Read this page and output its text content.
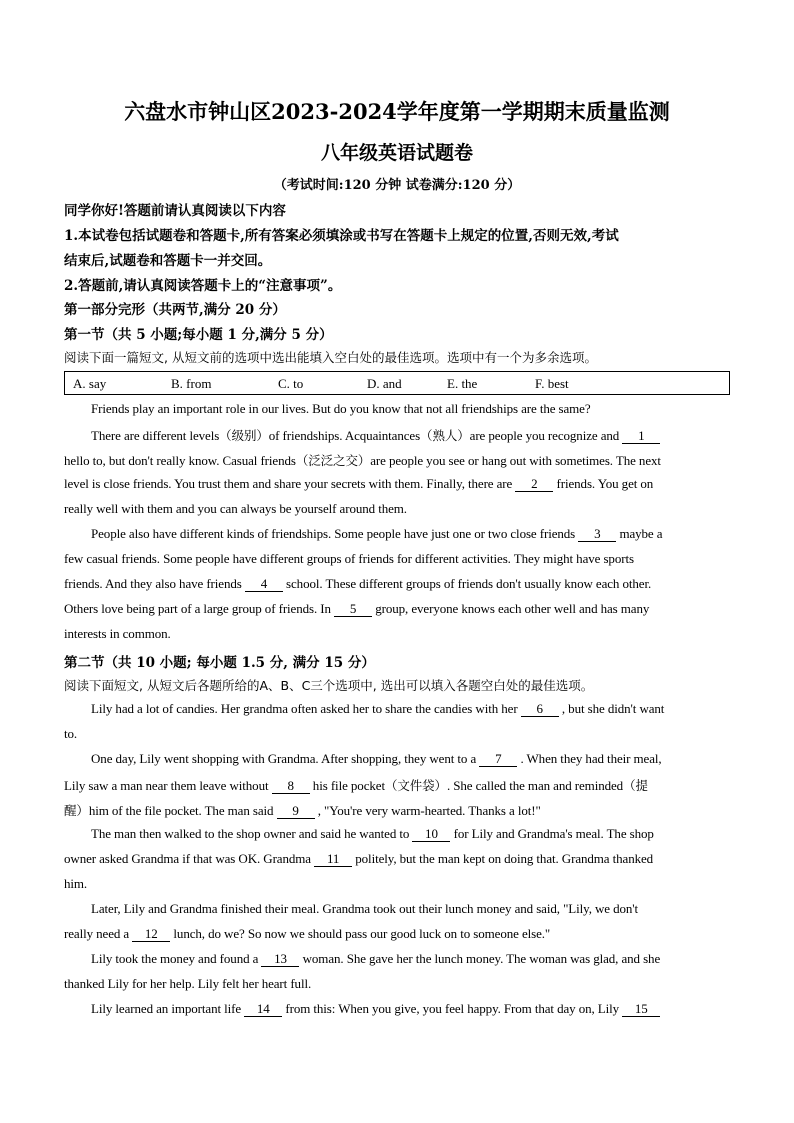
六盘水市钟山区2023-2024学年度第一学期期末质量监测
八年级英语试题卷
（考试时间:120 分钟 试卷满分:120 分）
同学你好!答题前请认真阅读以下内容
1.本试卷包括试题卷和答题卡,所有答案必须填涂或书写在答题卡上规定的位置,否则无效,考试
结束后,试题卷和答题卡一并交回。
2.答题前,请认真阅读答题卡上的“注意事项”。
第一部分完形（共两节,满分 20 分）
第一节（共 5 小题;每小题 1 分,满分 5 分）
阅读下面一篇短文, 从短文前的选项中选出能填入空白处的最佳选项。选项中有一个为多余选项。
A. say	B. from	C. to	D. and	E. the	F. best
Friends play an important role in our lives. But do you know that not all friendships are the same?
There are different levels（级别）of friendships. Acquaintances（熟人）are people you recognize and 1
hello to, but don't really know. Casual friends（泛泛之交）are people you see or hang out with sometimes. The next
level is close friends. You trust them and share your secrets with them. Finally, there are 2 friends. You get on
really well with them and you can always be yourself around them.
People also have different kinds of friendships. Some people have just one or two close friends 3 maybe a
few casual friends. Some people have different groups of friends for different activities. They might have sports
friends. And they also have friends 4 school. These different groups of friends don't usually know each other.
Others love being part of a large group of friends. In 5 group, everyone knows each other well and has many
interests in common.
第二节（共 10 小题; 每小题 1.5 分, 满分 15 分）
阅读下面短文, 从短文后各题所给的A、B、C三个选项中, 选出可以填入各题空白处的最佳选项。
Lily had a lot of candies. Her grandma often asked her to share the candies with her 6 , but she didn't want
to.
One day, Lily went shopping with Grandma. After shopping, they went to a 7 . When they had their meal,
Lily saw a man near them leave without 8 his file pocket（文件袋）. She called the man and reminded（提
醒）him of the file pocket. The man said 9 , "You're very warm-hearted. Thanks a lot!"
The man then walked to the shop owner and said he wanted to 10 for Lily and Grandma's meal. The shop
owner asked Grandma if that was OK. Grandma 11 politely, but the man kept on doing that. Grandma thanked
him.
Later, Lily and Grandma finished their meal. Grandma took out their lunch money and said, "Lily, we don't
really need a 12 lunch, do we? So now we should pass our good luck on to someone else."
Lily took the money and found a 13 woman. She gave her the lunch money. The woman was glad, and she
thanked Lily for her help. Lily felt her heart full.
Lily learned an important life 14 from this: When you give, you feel happy. From that day on, Lily 15
